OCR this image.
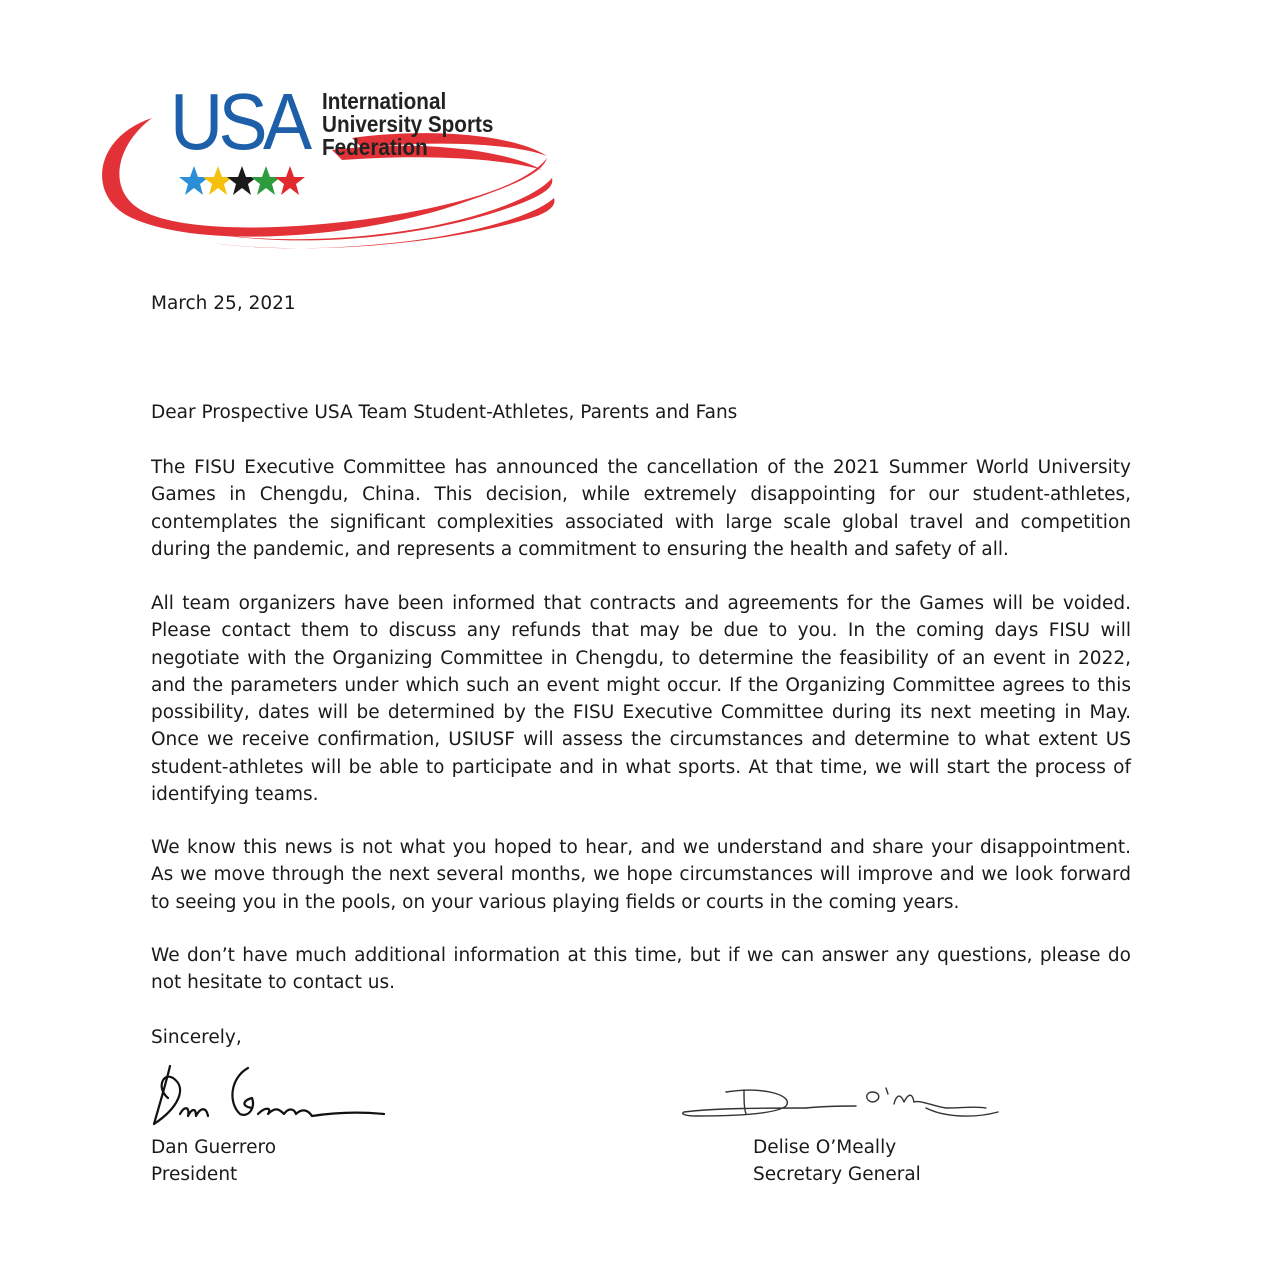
USA International
University Sports
Federation
March 25, 2021
Dear Prospective USA Team Student-Athletes, Parents and Fans
The FISU Executive Committee has announced the cancellation of the 2021 Summer World University Games in Chengdu, China. This decision, while extremely disappointing for our student-athletes, contemplates the significant complexities associated with large scale global travel and competition during the pandemic, and represents a commitment to ensuring the health and safety of all.
All team organizers have been informed that contracts and agreements for the Games will be voided. Please contact them to discuss any refunds that may be due to you. In the coming days FISU will negotiate with the Organizing Committee in Chengdu, to determine the feasibility of an event in 2022, and the parameters under which such an event might occur. If the Organizing Committee agrees to this possibility, dates will be determined by the FISU Executive Committee during its next meeting in May. Once we receive confirmation, USIUSF will assess the circumstances and determine to what extent US student-athletes will be able to participate and in what sports. At that time, we will start the process of identifying teams.
We know this news is not what you hoped to hear, and we understand and share your disappointment. As we move through the next several months, we hope circumstances will improve and we look forward to seeing you in the pools, on your various playing fields or courts in the coming years.
We don’t have much additional information at this time, but if we can answer any questions, please do not hesitate to contact us.
Sincerely,
Dan Guerrero
President
Delise O’Meally
Secretary General
